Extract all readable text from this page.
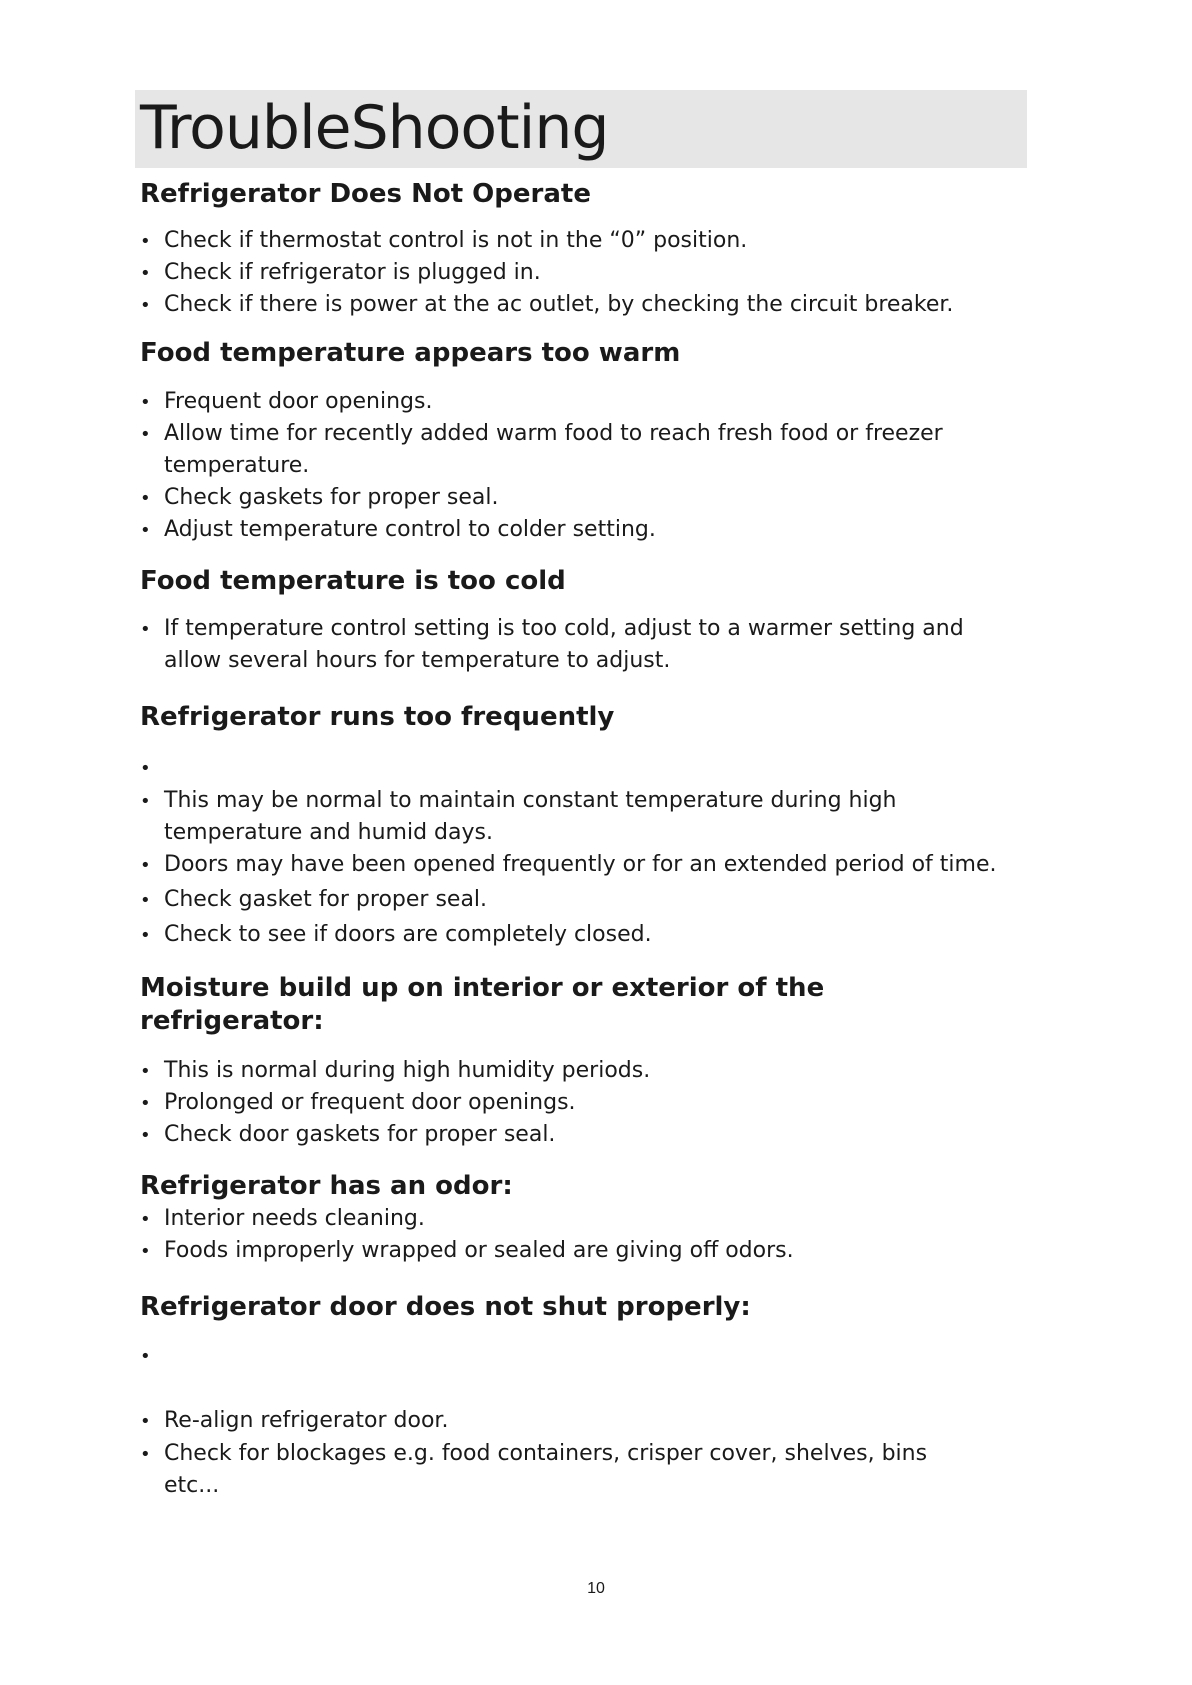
TroubleShooting
Refrigerator Does Not Operate
• Check if thermostat control is not in the “0” position.
• Check if refrigerator is plugged in.
• Check if there is power at the ac outlet, by checking the circuit breaker.
Food temperature appears too warm
• Frequent door openings.
• Allow time for recently added warm food to reach fresh food or freezer
temperature.
• Check gaskets for proper seal.
• Adjust temperature control to colder setting.
Food temperature is too cold
• If temperature control setting is too cold, adjust to a warmer setting and
allow several hours for temperature to adjust.
Refrigerator runs too frequently
•
• This may be normal to maintain constant temperature during high
temperature and humid days.
• Doors may have been opened frequently or for an extended period of time.
• Check gasket for proper seal.
• Check to see if doors are completely closed.
Moisture build up on interior or exterior of the
refrigerator:
• This is normal during high humidity periods.
• Prolonged or frequent door openings.
• Check door gaskets for proper seal.
Refrigerator has an odor:
• Interior needs cleaning.
• Foods improperly wrapped or sealed are giving off odors.
Refrigerator door does not shut properly:
•
• Re-align refrigerator door.
• Check for blockages e.g. food containers, crisper cover, shelves, bins
etc...
10
